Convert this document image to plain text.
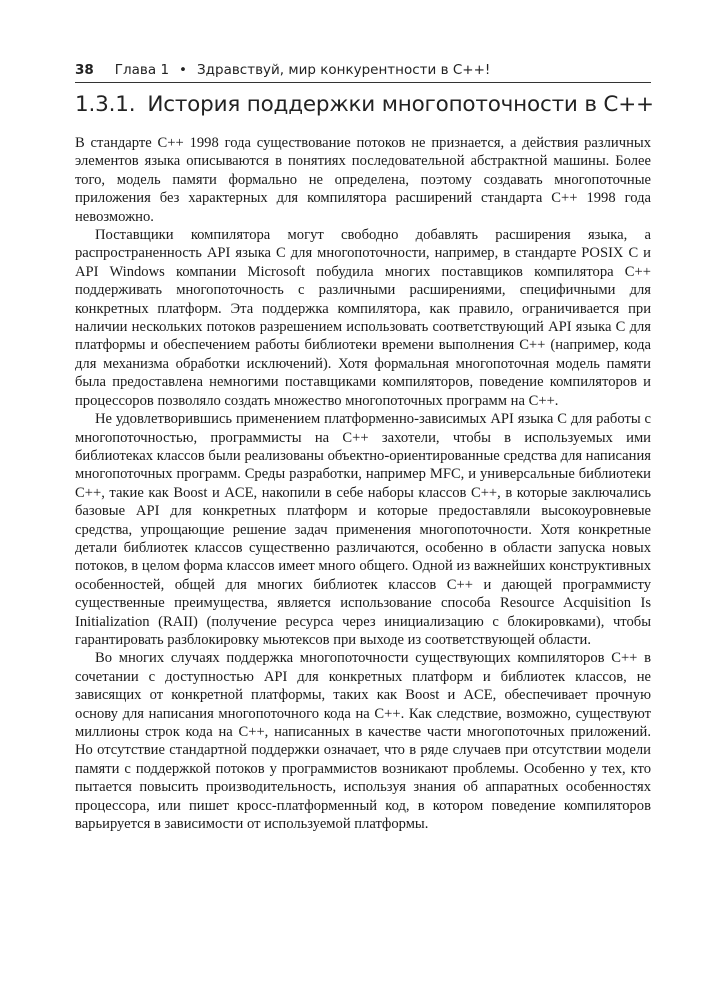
38 Глава 1 • Здравствуй, мир конкурентности в С++!
1.3.1. История поддержки многопоточности в C++

В стандарте C++ 1998 года существование потоков не признается, а действия различных элементов языка описываются в понятиях последовательной абстрактной машины. Более того, модель памяти формально не определена, поэтому создавать многопоточные приложения без характерных для компилятора расширений стандарта C++ 1998 года невозможно.

Поставщики компилятора могут свободно добавлять расширения языка, а распространенность API языка C для многопоточности, например, в стандарте POSIX C и API Windows компании Microsoft побудила многих поставщиков компилятора C++ поддерживать многопоточность с различными расширениями, специфичными для конкретных платформ. Эта поддержка компилятора, как правило, ограничивается при наличии нескольких потоков разрешением использовать соответствующий API языка C для платформы и обеспечением работы библиотеки времени выполнения C++ (например, кода для механизма обработки исключений). Хотя формальная многопоточная модель памяти была предоставлена немногими поставщиками компиляторов, поведение компиляторов и процессоров позволяло создать множество многопоточных программ на C++.

Не удовлетворившись применением платформенно-зависимых API языка C для работы с многопоточностью, программисты на C++ захотели, чтобы в используемых ими библиотеках классов были реализованы объектно-ориентированные средства для написания многопоточных программ. Среды разработки, например MFC, и универсальные библиотеки C++, такие как Boost и ACE, накопили в себе наборы классов C++, в которые заключались базовые API для конкретных платформ и которые предоставляли высокоуровневые средства, упрощающие решение задач применения многопоточности. Хотя конкретные детали библиотек классов существенно различаются, особенно в области запуска новых потоков, в целом форма классов имеет много общего. Одной из важнейших конструктивных особенностей, общей для многих библиотек классов C++ и дающей программисту существенные преимущества, является использование способа Resource Acquisition Is Initialization (RAII) (получение ресурса через инициализацию с блокировками), чтобы гарантировать разблокировку мьютексов при выходе из соответствующей области.

Во многих случаях поддержка многопоточности существующих компиляторов C++ в сочетании с доступностью API для конкретных платформ и библиотек классов, не зависящих от конкретной платформы, таких как Boost и ACE, обеспечивает прочную основу для написания многопоточного кода на C++. Как следствие, возможно, существуют миллионы строк кода на C++, написанных в качестве части многопоточных приложений. Но отсутствие стандартной поддержки означает, что в ряде случаев при отсутствии модели памяти с поддержкой потоков у программистов возникают проблемы. Особенно у тех, кто пытается повысить производительность, используя знания об аппаратных особенностях процессора, или пишет кросс-платформенный код, в котором поведение компиляторов варьируется в зависимости от используемой платформы.
